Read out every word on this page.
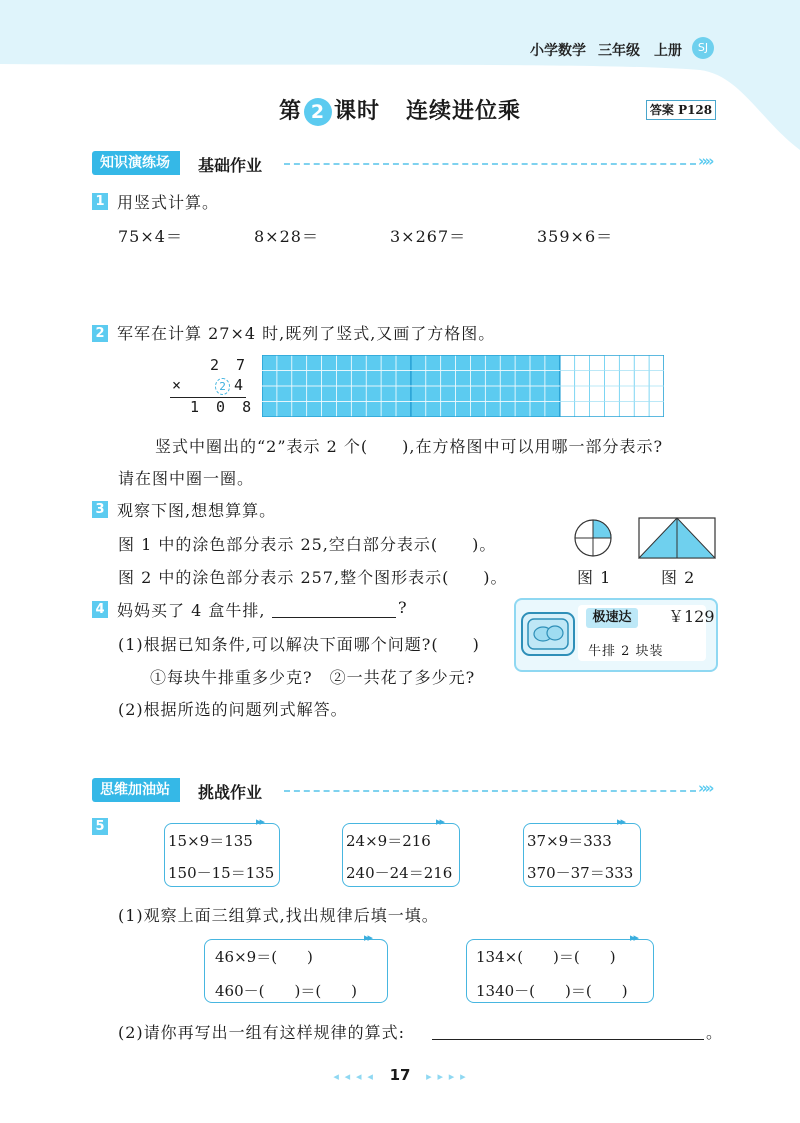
小学数学 三年级 上册	SJ
第 2 课时 连续进位乘	答案 P128
知识演练场	基础作业	»»
1 用竖式计算。
75×4＝	8×28＝	3×267＝	359×6＝
2 军军在计算 27×4 时,既列了竖式,又画了方格图。
2 7
×	2 4
1 0 8
竖式中圈出的“2”表示 2 个(　　),在方格图中可以用哪一部分表示?
请在图中圈一圈。
3 观察下图,想想算算。
图 1 中的涂色部分表示 25,空白部分表示(　　)。
图 2 中的涂色部分表示 257,整个图形表示(　　)。	图 1	图 2
4 妈妈买了 4 盒牛排,	?
(1)根据已知条件,可以解决下面哪个问题?(　　)
①每块牛排重多少克?　②一共花了多少元?
(2)根据所选的问题列式解答。
极速达	￥129
牛排 2 块装
思维加油站	挑战作业	»»
5	▸▸
15×9＝135
150－15＝135
▸▸
24×9＝216
240－24＝216
▸▸
37×9＝333
370－37＝333
(1)观察上面三组算式,找出规律后填一填。
▸▸
46×9＝(　　)
460－(　　)＝(　　)
▸▸
134×(　　)＝(　　)
1340－(　　)＝(　　)
(2)请你再写出一组有这样规律的算式:	。
◂ ◂ ◂ ◂ 17 ▸ ▸ ▸ ▸
